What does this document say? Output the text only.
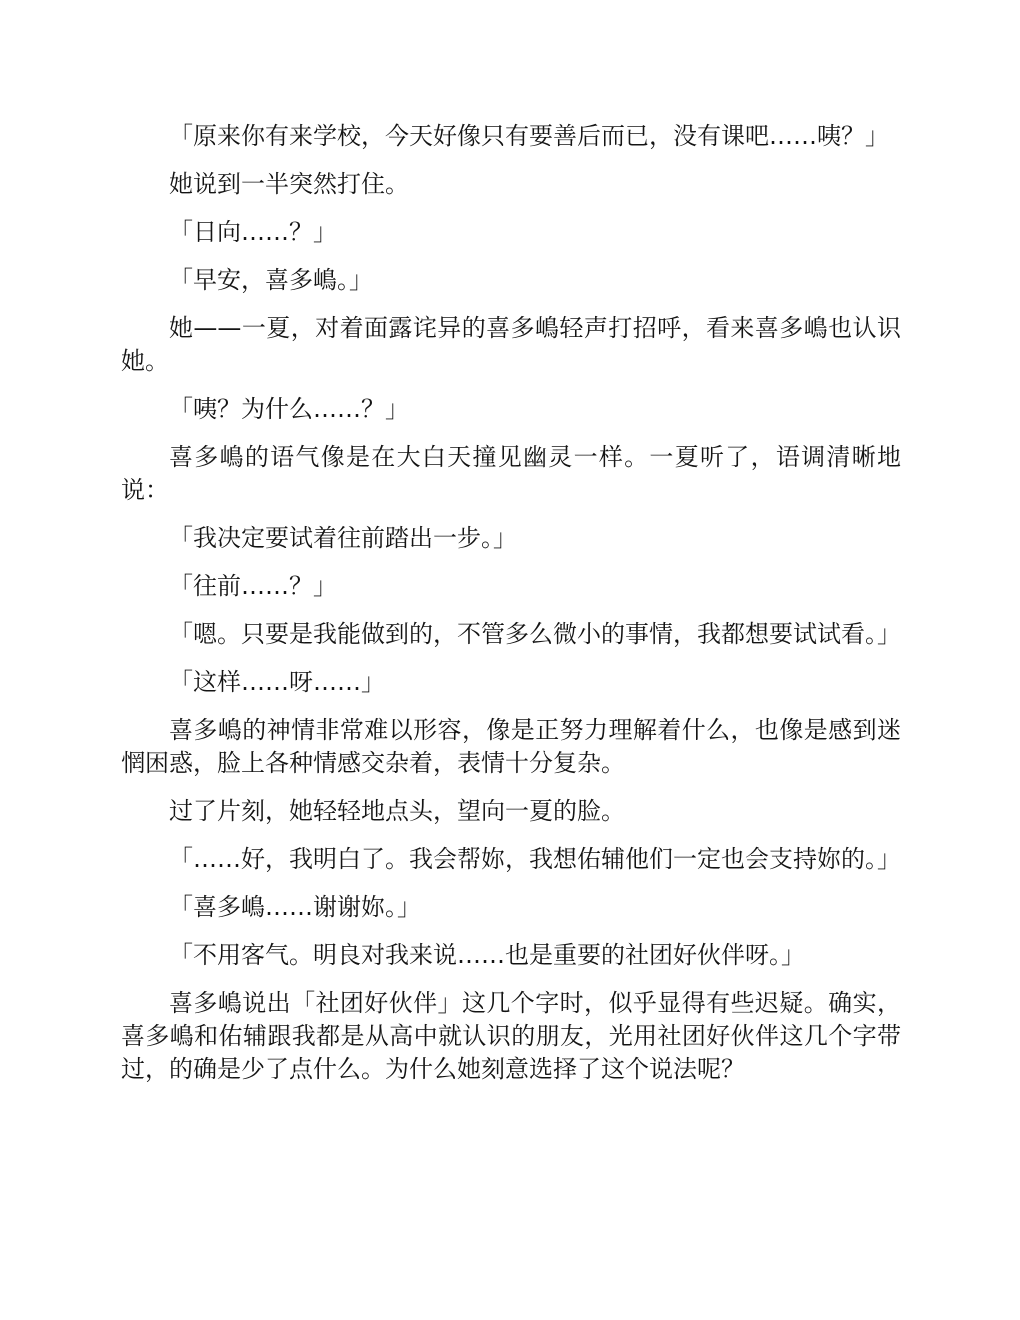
「原来你有来学校，今天好像只有要善后而已，没有课吧……咦？」

她说到一半突然打住。

「日向……？」

「早安，喜多嶋。」

她——一夏，对着面露诧异的喜多嶋轻声打招呼，看来喜多嶋也认识她。

「咦？为什么……？」

喜多嶋的语气像是在大白天撞见幽灵一样。一夏听了，语调清晰地说：

「我决定要试着往前踏出一步。」

「往前……？」

「嗯。只要是我能做到的，不管多么微小的事情，我都想要试试看。」

「这样……呀……」

喜多嶋的神情非常难以形容，像是正努力理解着什么，也像是感到迷惘困惑，脸上各种情感交杂着，表情十分复杂。

过了片刻，她轻轻地点头，望向一夏的脸。

「……好，我明白了。我会帮妳，我想佑辅他们一定也会支持妳的。」

「喜多嶋……谢谢妳。」

「不用客气。明良对我来说……也是重要的社团好伙伴呀。」

喜多嶋说出「社团好伙伴」这几个字时，似乎显得有些迟疑。确实，喜多嶋和佑辅跟我都是从高中就认识的朋友，光用社团好伙伴这几个字带过，的确是少了点什么。为什么她刻意选择了这个说法呢？
